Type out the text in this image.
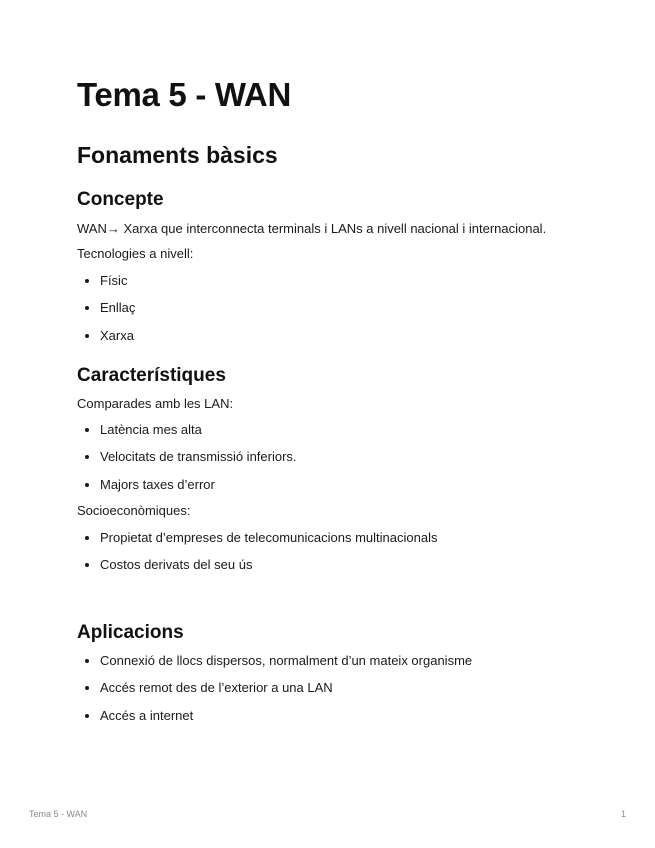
Tema 5 - WAN
Fonaments bàsics
Concepte

WAN→ Xarxa que interconnecta terminals i LANs a nivell nacional i internacional.

Tecnologies a nivell:

Físic
Enllaç
Xarxa
Característiques

Comparades amb les LAN:

Latència mes alta
Velocitats de transmissió inferiors.
Majors taxes d’error

Socioeconòmiques:

Propietat d’empreses de telecomunicacions multinacionals
Costos derivats del seu ús
Aplicacions
Connexió de llocs dispersos, normalment d’un mateix organisme
Accés remot des de l’exterior a una LAN
Accés a internet
Tema 5 - WAN	1
